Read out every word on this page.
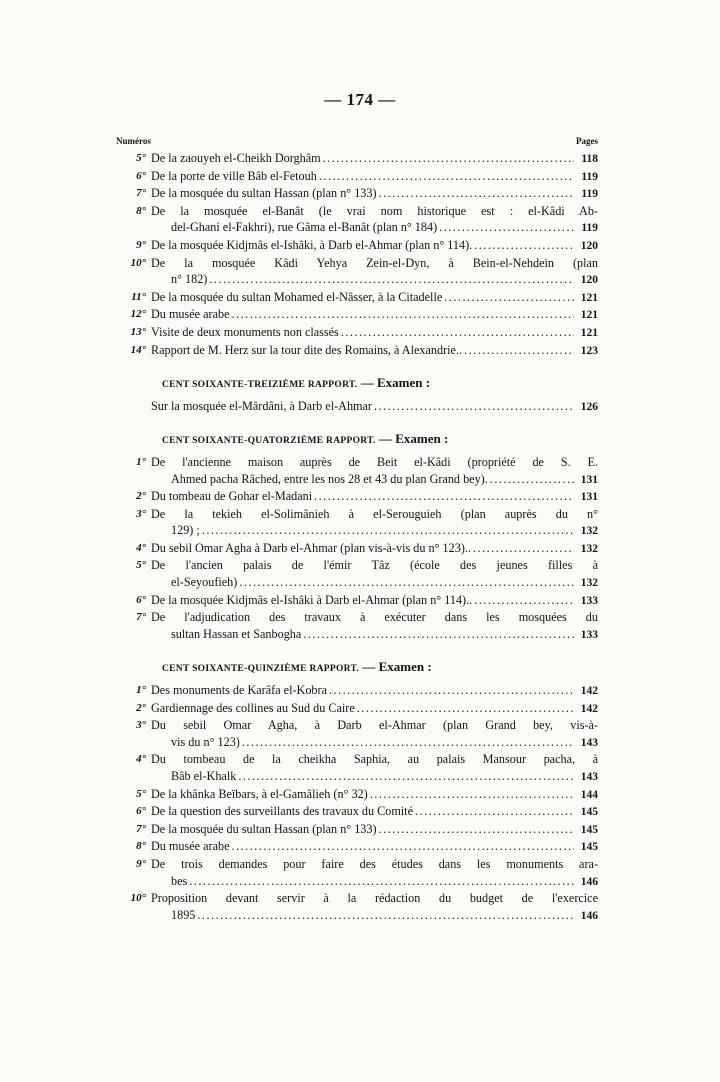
— 174 —
Numéros	Pages
5° De la zaouyeh el-Cheikh Dorghâm .....	118
6° De la porte de ville Bâb el-Fetouh .....	119
7° De la mosquée du sultan Hassan (plan n° 133) .....	119
8° De la mosquée el-Banât (le vrai nom historique est : el-Kâdi Ab-
del-Ghani el-Fakhri), rue Gâma el-Banât (plan n° 184) .....	119
9° De la mosquée Kidjmâs el-Ishâki, à Darb el-Ahmar (plan n° 114). .....	120
10° De la mosquée Kâdi Yehya Zein-el-Dyn, à Bein-el-Nehdein (plan
n° 182) .....	120
11° De la mosquée du sultan Mohamed el-Nâsser, à la Citadelle .....	121
12° Du musée arabe .....	121
13° Visite de deux monuments non classés .....	121
14° Rapport de M. Herz sur la tour dite des Romains, à Alexandrie.. .....	123
CENT SOIXANTE-TREIZIÈME RAPPORT. — Examen :
Sur la mosquée el-Mârdâni, à Darb el-Ahmar .....	126
CENT SOIXANTE-QUATORZIÈME RAPPORT. — Examen :
1° De l'ancienne maison auprès de Beit el-Kâdi (propriété de S. E.
Ahmed pacha Râched, entre les nos 28 et 43 du plan Grand bey). .....	131
2° Du tombeau de Gohar el-Madani .....	131
3° De la tekieh el-Solimânieh à el-Serouguieh (plan auprès du n°
129) ; .....	132
4° Du sebil Omar Agha à Darb el-Ahmar (plan vis-à-vis du n° 123).. .....	132
5° De l'ancien palais de l'émir Tâz (école des jeunes filles à
el-Seyoufieh) .....	132
6° De la mosquée Kidjmâs el-Ishâki à Darb el-Ahmar (plan n° 114).. .....	133
7° De l'adjudication des travaux à exécuter dans les mosquées du
sultan Hassan et Sanbogha .....	133
CENT SOIXANTE-QUINZIÈME RAPPORT. — Examen :
1° Des monuments de Karâfa el-Kobra .....	142
2° Gardiennage des collines au Sud du Caire .....	142
3° Du sebil Omar Agha, à Darb el-Ahmar (plan Grand bey, vis-à-
vis du n° 123) .....	143
4° Du tombeau de la cheikha Saphia, au palais Mansour pacha, à
Bâb el-Khalk .....	143
5° De la khânka Beïbars, à el-Gamâlieh (n° 32) .....	144
6° De la question des surveillants des travaux du Comité .....	145
7° De la mosquée du sultan Hassan (plan n° 133) .....	145
8° Du musée arabe .....	145
9° De trois demandes pour faire des études dans les monuments ara-
bes .....	146
10° Proposition devant servir à la rédaction du budget de l'exercice
1895 .....	146
